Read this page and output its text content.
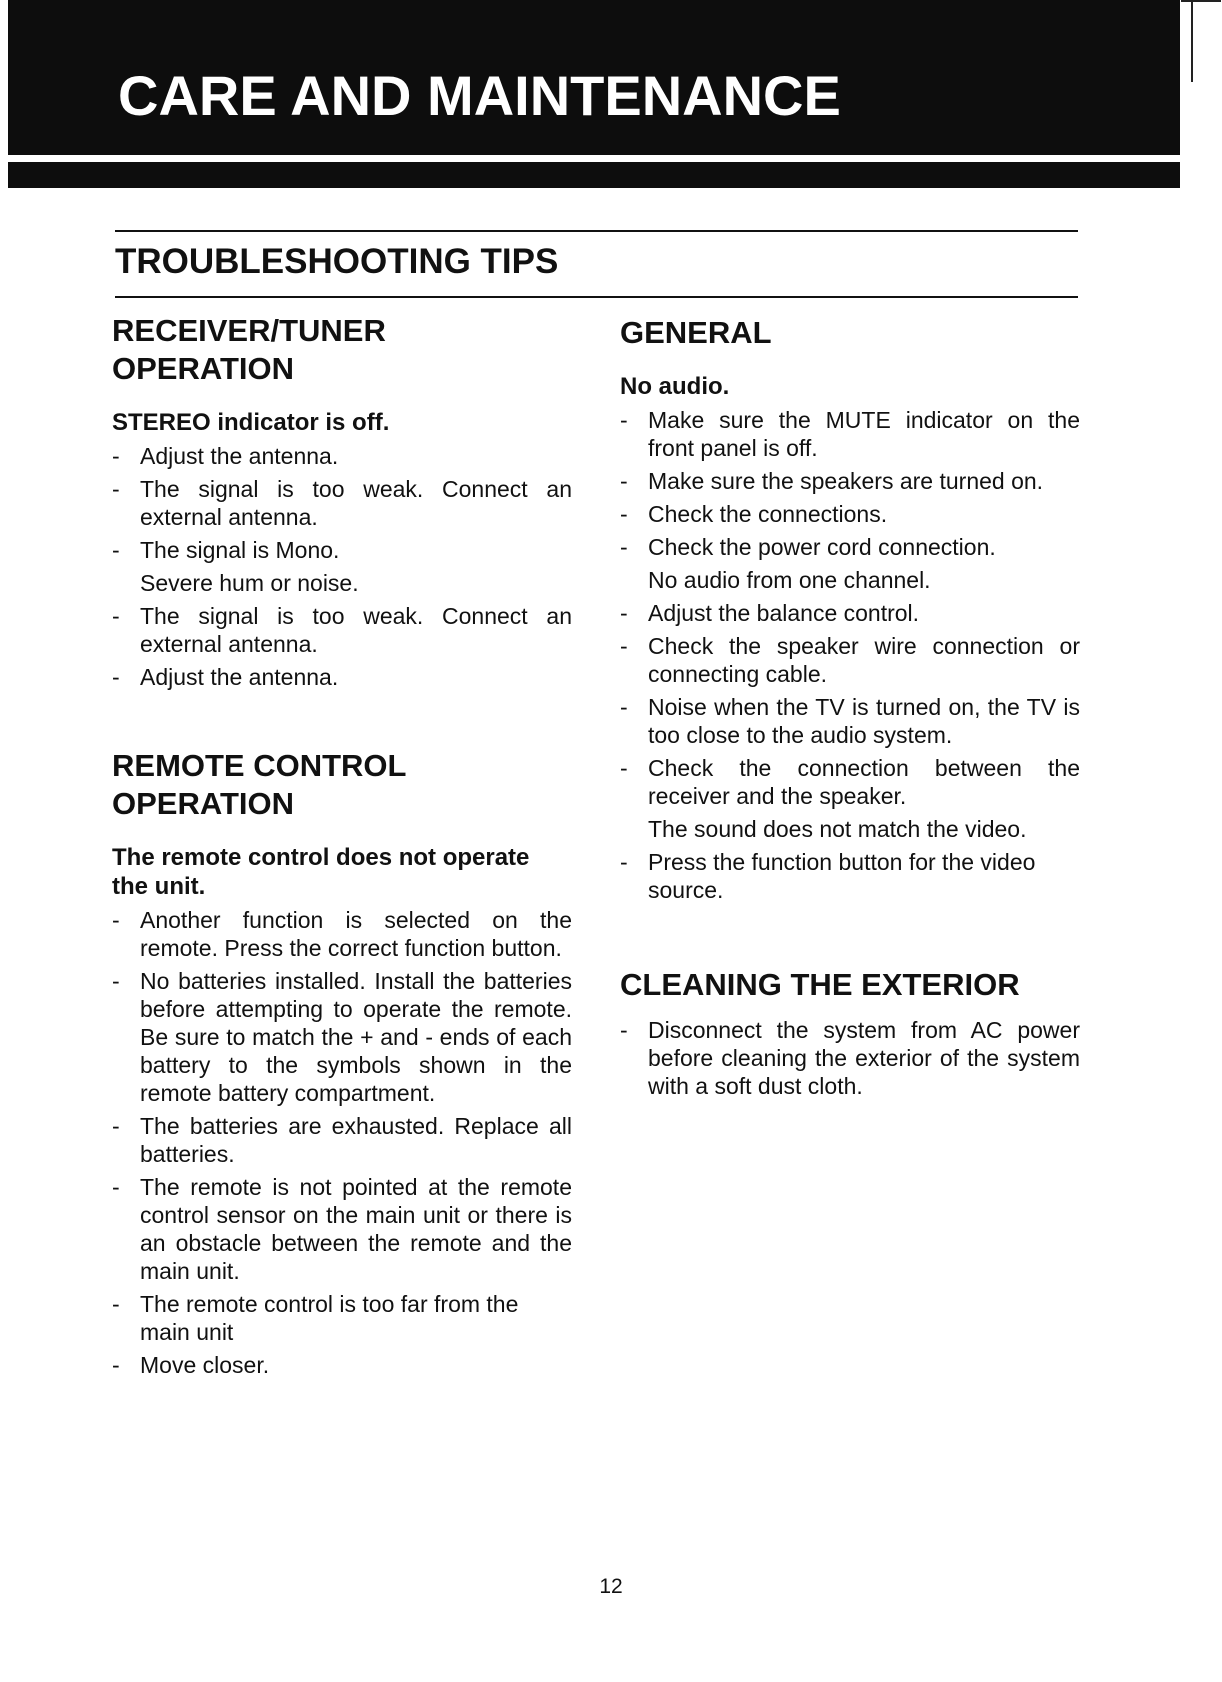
CARE AND MAINTENANCE
TROUBLESHOOTING TIPS
RECEIVER/TUNER OPERATION
STEREO indicator is off.
- Adjust the antenna.
- The signal is too weak. Connect an external antenna.
- The signal is Mono.
Severe hum or noise.
- The signal is too weak. Connect an external antenna.
- Adjust the antenna.
REMOTE CONTROL
OPERATION
The remote control does not operate the unit.
- Another function is selected on the remote. Press the correct function button.
- No batteries installed. Install the batteries before attempting to operate the remote. Be sure to match the + and - ends of each battery to the symbols shown in the remote battery compartment.
- The batteries are exhausted. Replace all batteries.
- The remote is not pointed at the remote control sensor on the main unit or there is an obstacle between the remote and the main unit.
- The remote control is too far from the main unit
- Move closer.
GENERAL
No audio.
- Make sure the MUTE indicator on the front panel is off.
- Make sure the speakers are turned on.
- Check the connections.
- Check the power cord connection.
No audio from one channel.
- Adjust the balance control.
- Check the speaker wire connection or connecting cable.
- Noise when the TV is turned on, the TV is too close to the audio system.
- Check the connection between the receiver and the speaker.
The sound does not match the video.
- Press the function button for the video source.
CLEANING THE EXTERIOR
- Disconnect the system from AC power before cleaning the exterior of the system with a soft dust cloth.
12
